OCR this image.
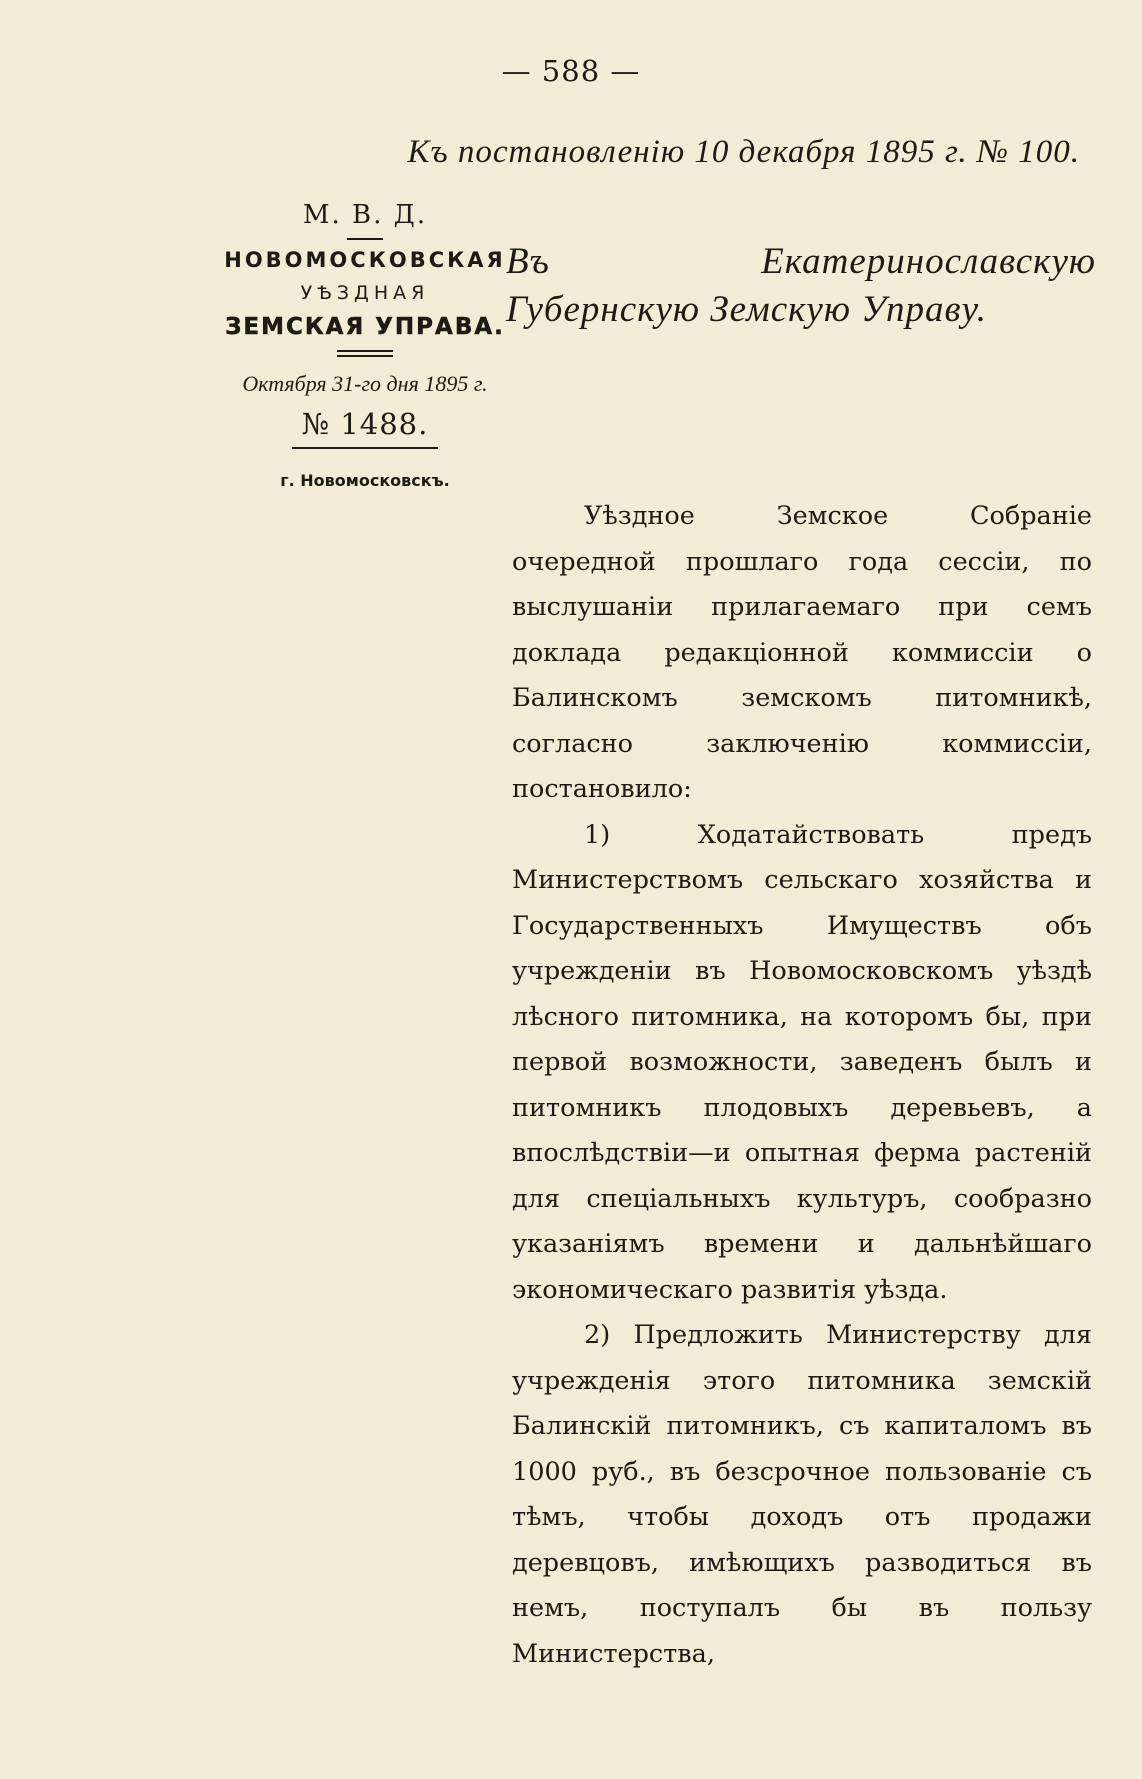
— 588 —
Къ постановленію 10 декабря 1895 г. № 100.
М. В. Д.
НОВОМОСКОВСКАЯ
УѢЗДНАЯ
ЗЕМСКАЯ УПРАВА.
Октября 31-го дня 1895 г.
№ 1488.
г. Новомосковскъ.
Въ Екатеринославскую Губернскую Земскую Управу.

Уѣздное Земское Собраніе очередной прошлаго года сессіи, по выслушаніи прилагаемаго при семъ доклада редакціонной коммиссіи о Балинскомъ земскомъ питомникѣ, согласно заключенію коммиссіи, постановило:

1) Ходатайствовать предъ Министерствомъ сельскаго хозяйства и Государственныхъ Имуществъ объ учрежденіи въ Новомосковскомъ уѣздѣ лѣсного питомника, на которомъ бы, при первой возможности, заведенъ былъ и питомникъ плодовыхъ деревьевъ, а впослѣдствіи—и опытная ферма растеній для спеціальныхъ культуръ, сообразно указаніямъ времени и дальнѣйшаго экономическаго развитія уѣзда.

2) Предложить Министерству для учрежденія этого питомника земскій Балинскій питомникъ, съ капиталомъ въ 1000 руб., въ безсрочное пользованіе съ тѣмъ, чтобы доходъ отъ продажи деревцовъ, имѣющихъ разводиться въ немъ, поступалъ бы въ пользу Министерства,
